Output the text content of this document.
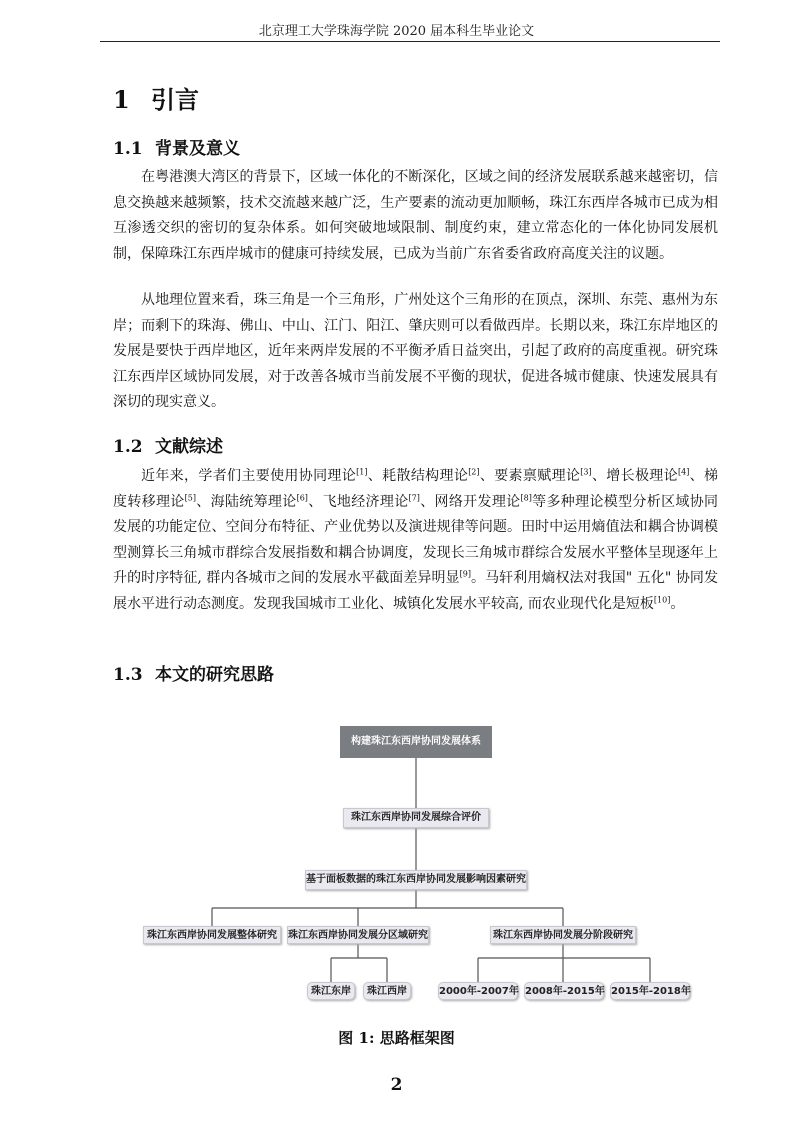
北京理工大学珠海学院 2020 届本科生毕业论文
1 引言
1.1 背景及意义

在粤港澳大湾区的背景下，区域一体化的不断深化，区域之间的经济发展联系越来越密切，信息交换越来越频繁，技术交流越来越广泛，生产要素的流动更加顺畅，珠江东西岸各城市已成为相互渗透交织的密切的复杂体系。如何突破地域限制、制度约束，建立常态化的一体化协同发展机制，保障珠江东西岸城市的健康可持续发展，已成为当前广东省委省政府高度关注的议题。

从地理位置来看，珠三角是一个三角形，广州处这个三角形的在顶点，深圳、东莞、惠州为东岸；而剩下的珠海、佛山、中山、江门、阳江、肇庆则可以看做西岸。长期以来，珠江东岸地区的发展是要快于西岸地区，近年来两岸发展的不平衡矛盾日益突出，引起了政府的高度重视。研究珠江东西岸区域协同发展，对于改善各城市当前发展不平衡的现状，促进各城市健康、快速发展具有深切的现实意义。

1.2 文献综述

近年来，学者们主要使用协同理论[1]、耗散结构理论[2]、要素禀赋理论[3]、增长极理论[4]、梯度转移理论[5]、海陆统筹理论[6]、飞地经济理论[7]、网络开发理论[8]等多种理论模型分析区域协同发展的功能定位、空间分布特征、产业优势以及演进规律等问题。田时中运用熵值法和耦合协调模型测算长三角城市群综合发展指数和耦合协调度，发现长三角城市群综合发展水平整体呈现逐年上升的时序特征, 群内各城市之间的发展水平截面差异明显[9]。马轩利用熵权法对我国" 五化" 协同发展水平进行动态测度。发现我国城市工业化、城镇化发展水平较高, 而农业现代化是短板[10]。

1.3 本文的研究思路
构建珠江东西岸协同发展体系
珠江东西岸协同发展综合评价
基于面板数据的珠江东西岸协同发展影响因素研究
珠江东西岸协同发展整体研究	珠江东西岸协同发展分区域研究	珠江东西岸协同发展分阶段研究
珠江东岸	珠江西岸	2000年-2007年 2008年-2015年 2015年-2018年
图 1: 思路框架图
2
